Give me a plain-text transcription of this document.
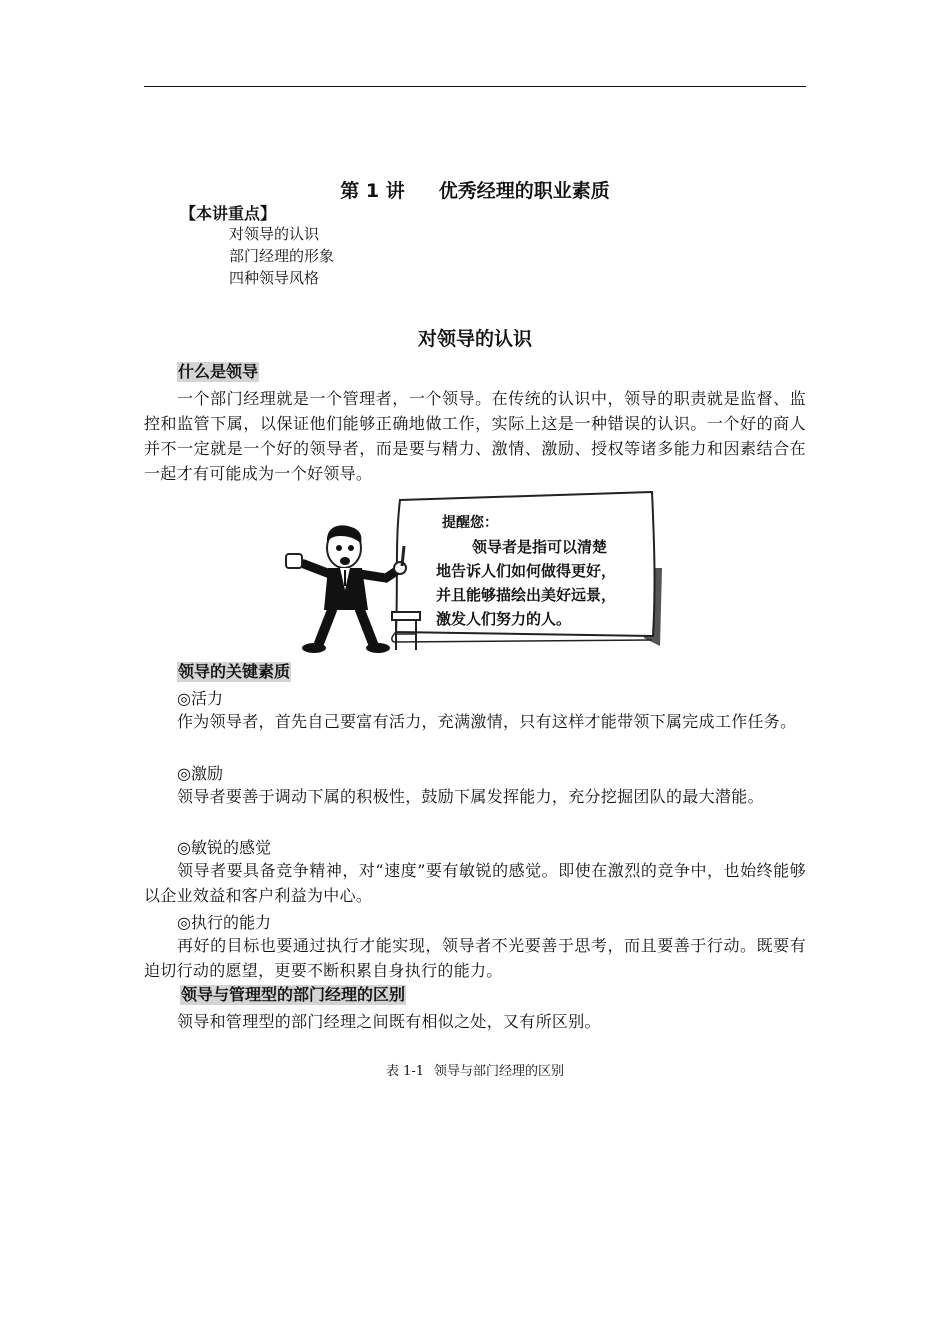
第 1 讲 优秀经理的职业素质
【本讲重点】
对领导的认识
部门经理的形象
四种领导风格
对领导的认识
什么是领导

一个部门经理就是一个管理者，一个领导。在传统的认识中，领导的职责就是监督、监控和监管下属，以保证他们能够正确地做工作，实际上这是一种错误的认识。一个好的商人并不一定就是一个好的领导者，而是要与精力、激情、激励、授权等诸多能力和因素结合在一起才有可能成为一个好领导。

提醒您：
领导者是指可以清楚
地告诉人们如何做得更好，
并且能够描绘出美好远景，
激发人们努力的人。
领导的关键素质
◎活力

作为领导者，首先自己要富有活力，充满激情，只有这样才能带领下属完成工作任务。

◎激励

领导者要善于调动下属的积极性，鼓励下属发挥能力，充分挖掘团队的最大潜能。

◎敏锐的感觉

领导者要具备竞争精神，对“速度”要有敏锐的感觉。即使在激烈的竞争中，也始终能够以企业效益和客户利益为中心。

◎执行的能力

再好的目标也要通过执行才能实现，领导者不光要善于思考，而且要善于行动。既要有迫切行动的愿望，更要不断积累自身执行的能力。

领导与管理型的部门经理的区别

领导和管理型的部门经理之间既有相似之处，又有所区别。

表 1-1 领导与部门经理的区别
